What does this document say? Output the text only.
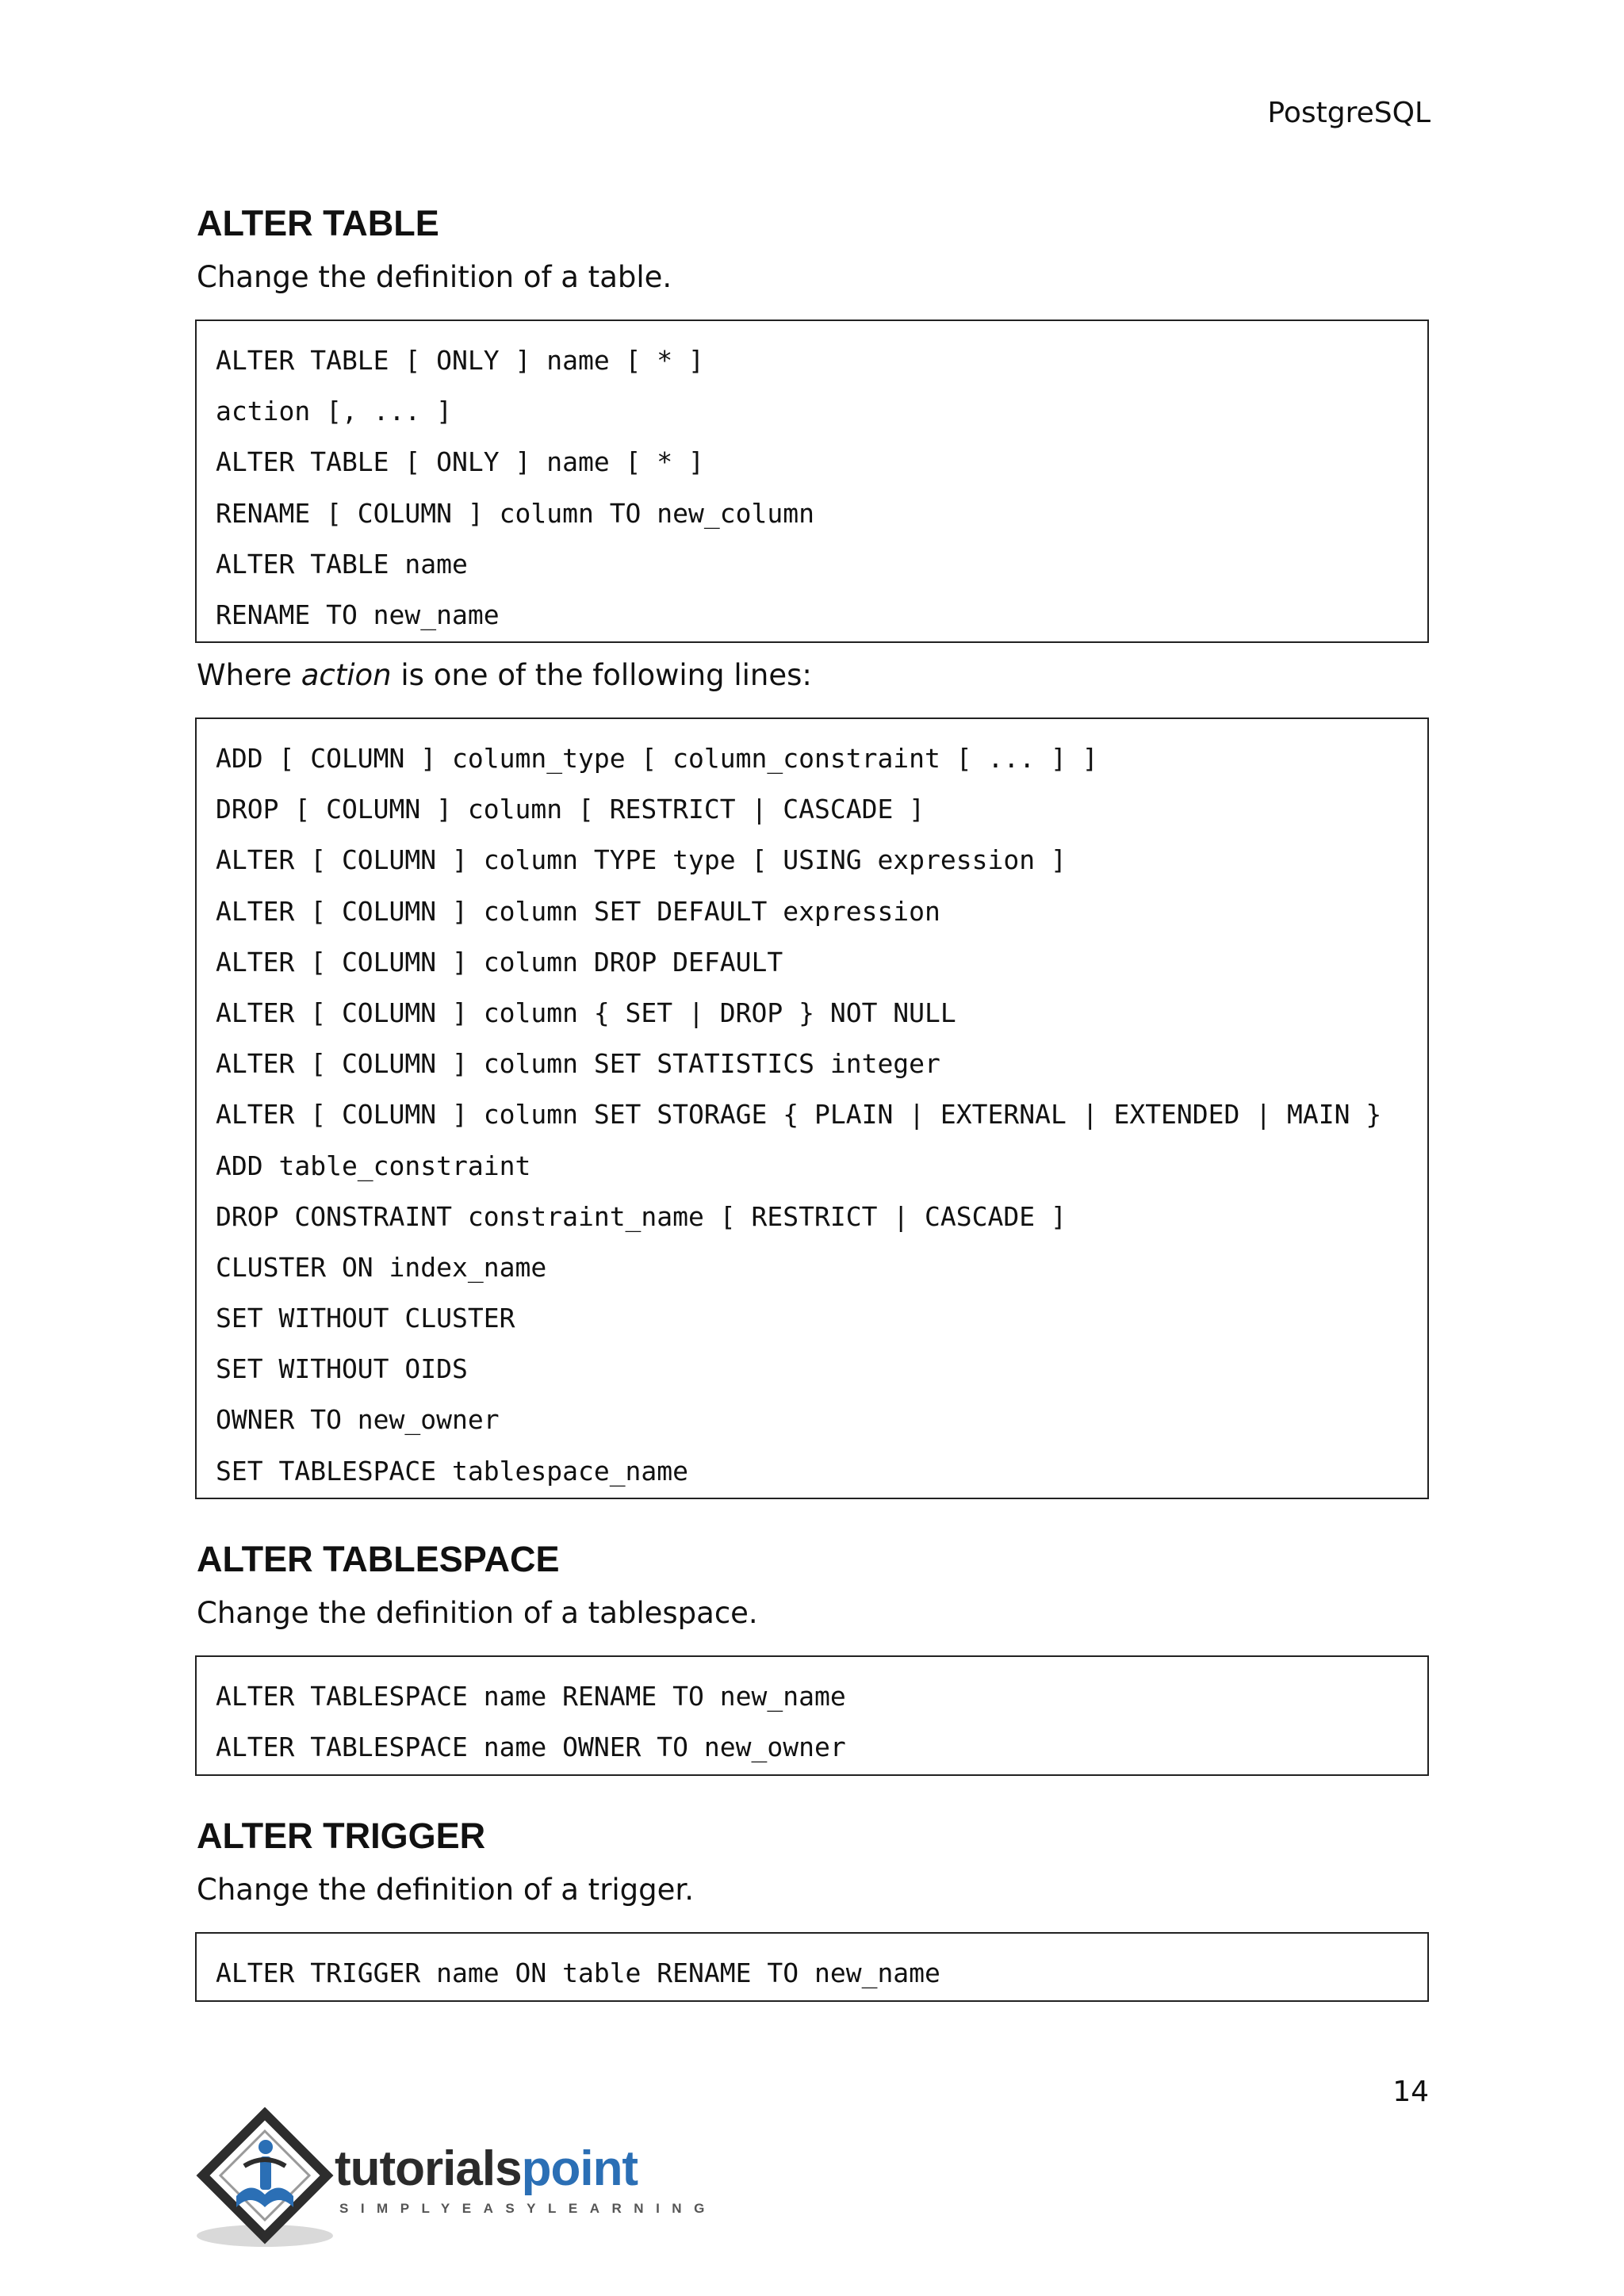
PostgreSQL
ALTER TABLE

Change the definition of a table.

ALTER TABLE [ ONLY ] name [ * ]
action [, ... ]
ALTER TABLE [ ONLY ] name [ * ]
RENAME [ COLUMN ] column TO new_column
ALTER TABLE name
RENAME TO new_name

Where action is one of the following lines:

ADD [ COLUMN ] column_type [ column_constraint [ ... ] ]
DROP [ COLUMN ] column [ RESTRICT | CASCADE ]
ALTER [ COLUMN ] column TYPE type [ USING expression ]
ALTER [ COLUMN ] column SET DEFAULT expression
ALTER [ COLUMN ] column DROP DEFAULT
ALTER [ COLUMN ] column { SET | DROP } NOT NULL
ALTER [ COLUMN ] column SET STATISTICS integer
ALTER [ COLUMN ] column SET STORAGE { PLAIN | EXTERNAL | EXTENDED | MAIN }
ADD table_constraint
DROP CONSTRAINT constraint_name [ RESTRICT | CASCADE ]
CLUSTER ON index_name
SET WITHOUT CLUSTER
SET WITHOUT OIDS
OWNER TO new_owner
SET TABLESPACE tablespace_name
ALTER TABLESPACE

Change the definition of a tablespace.

ALTER TABLESPACE name RENAME TO new_name
ALTER TABLESPACE name OWNER TO new_owner
ALTER TRIGGER

Change the definition of a trigger.

ALTER TRIGGER name ON table RENAME TO new_name
14
tutorialspoint
SIMPLYEASYLEARNING
